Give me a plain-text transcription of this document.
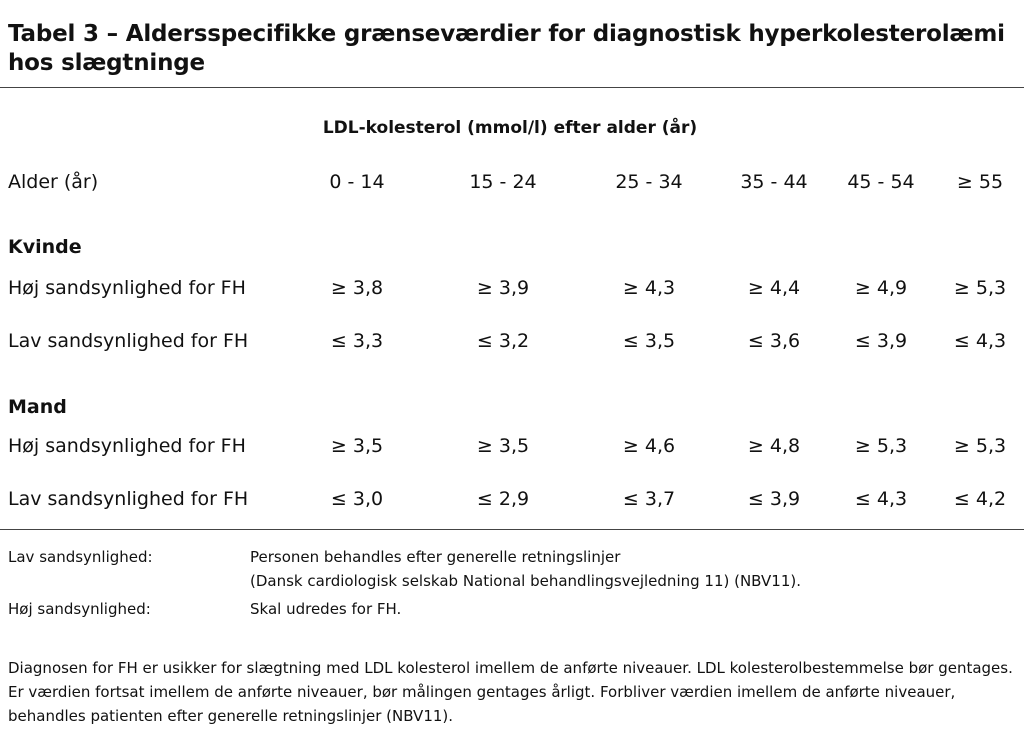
Tabel 3 – Aldersspecifikke grænseværdier for diagnostisk hyperkolesterolæmi hos slægtninge
LDL-kolesterol (mmol/l) efter alder (år)
Alder (år)	0 - 14	15 - 24	25 - 34	35 - 44	45 - 54	≥ 55
Kvinde
Høj sandsynlighed for FH	≥ 3,8	≥ 3,9	≥ 4,3	≥ 4,4	≥ 4,9	≥ 5,3
Lav sandsynlighed for FH	≤ 3,3	≤ 3,2	≤ 3,5	≤ 3,6	≤ 3,9	≤ 4,3
Mand
Høj sandsynlighed for FH	≥ 3,5	≥ 3,5	≥ 4,6	≥ 4,8	≥ 5,3	≥ 5,3
Lav sandsynlighed for FH	≤ 3,0	≤ 2,9	≤ 3,7	≤ 3,9	≤ 4,3	≤ 4,2
Lav sandsynlighed:	Personen behandles efter generelle retningslinjer
(Dansk cardiologisk selskab National behandlingsvejledning 11) (NBV11).
Høj sandsynlighed:	Skal udredes for FH.

Diagnosen for FH er usikker for slægtning med LDL kolesterol imellem de anførte niveauer. LDL kolesterolbestemmelse bør gentages. Er værdien fortsat imellem de anførte niveauer, bør målingen gentages årligt. Forbliver værdien imellem de anførte niveauer, behandles patienten efter generelle retningslinjer (NBV11).
